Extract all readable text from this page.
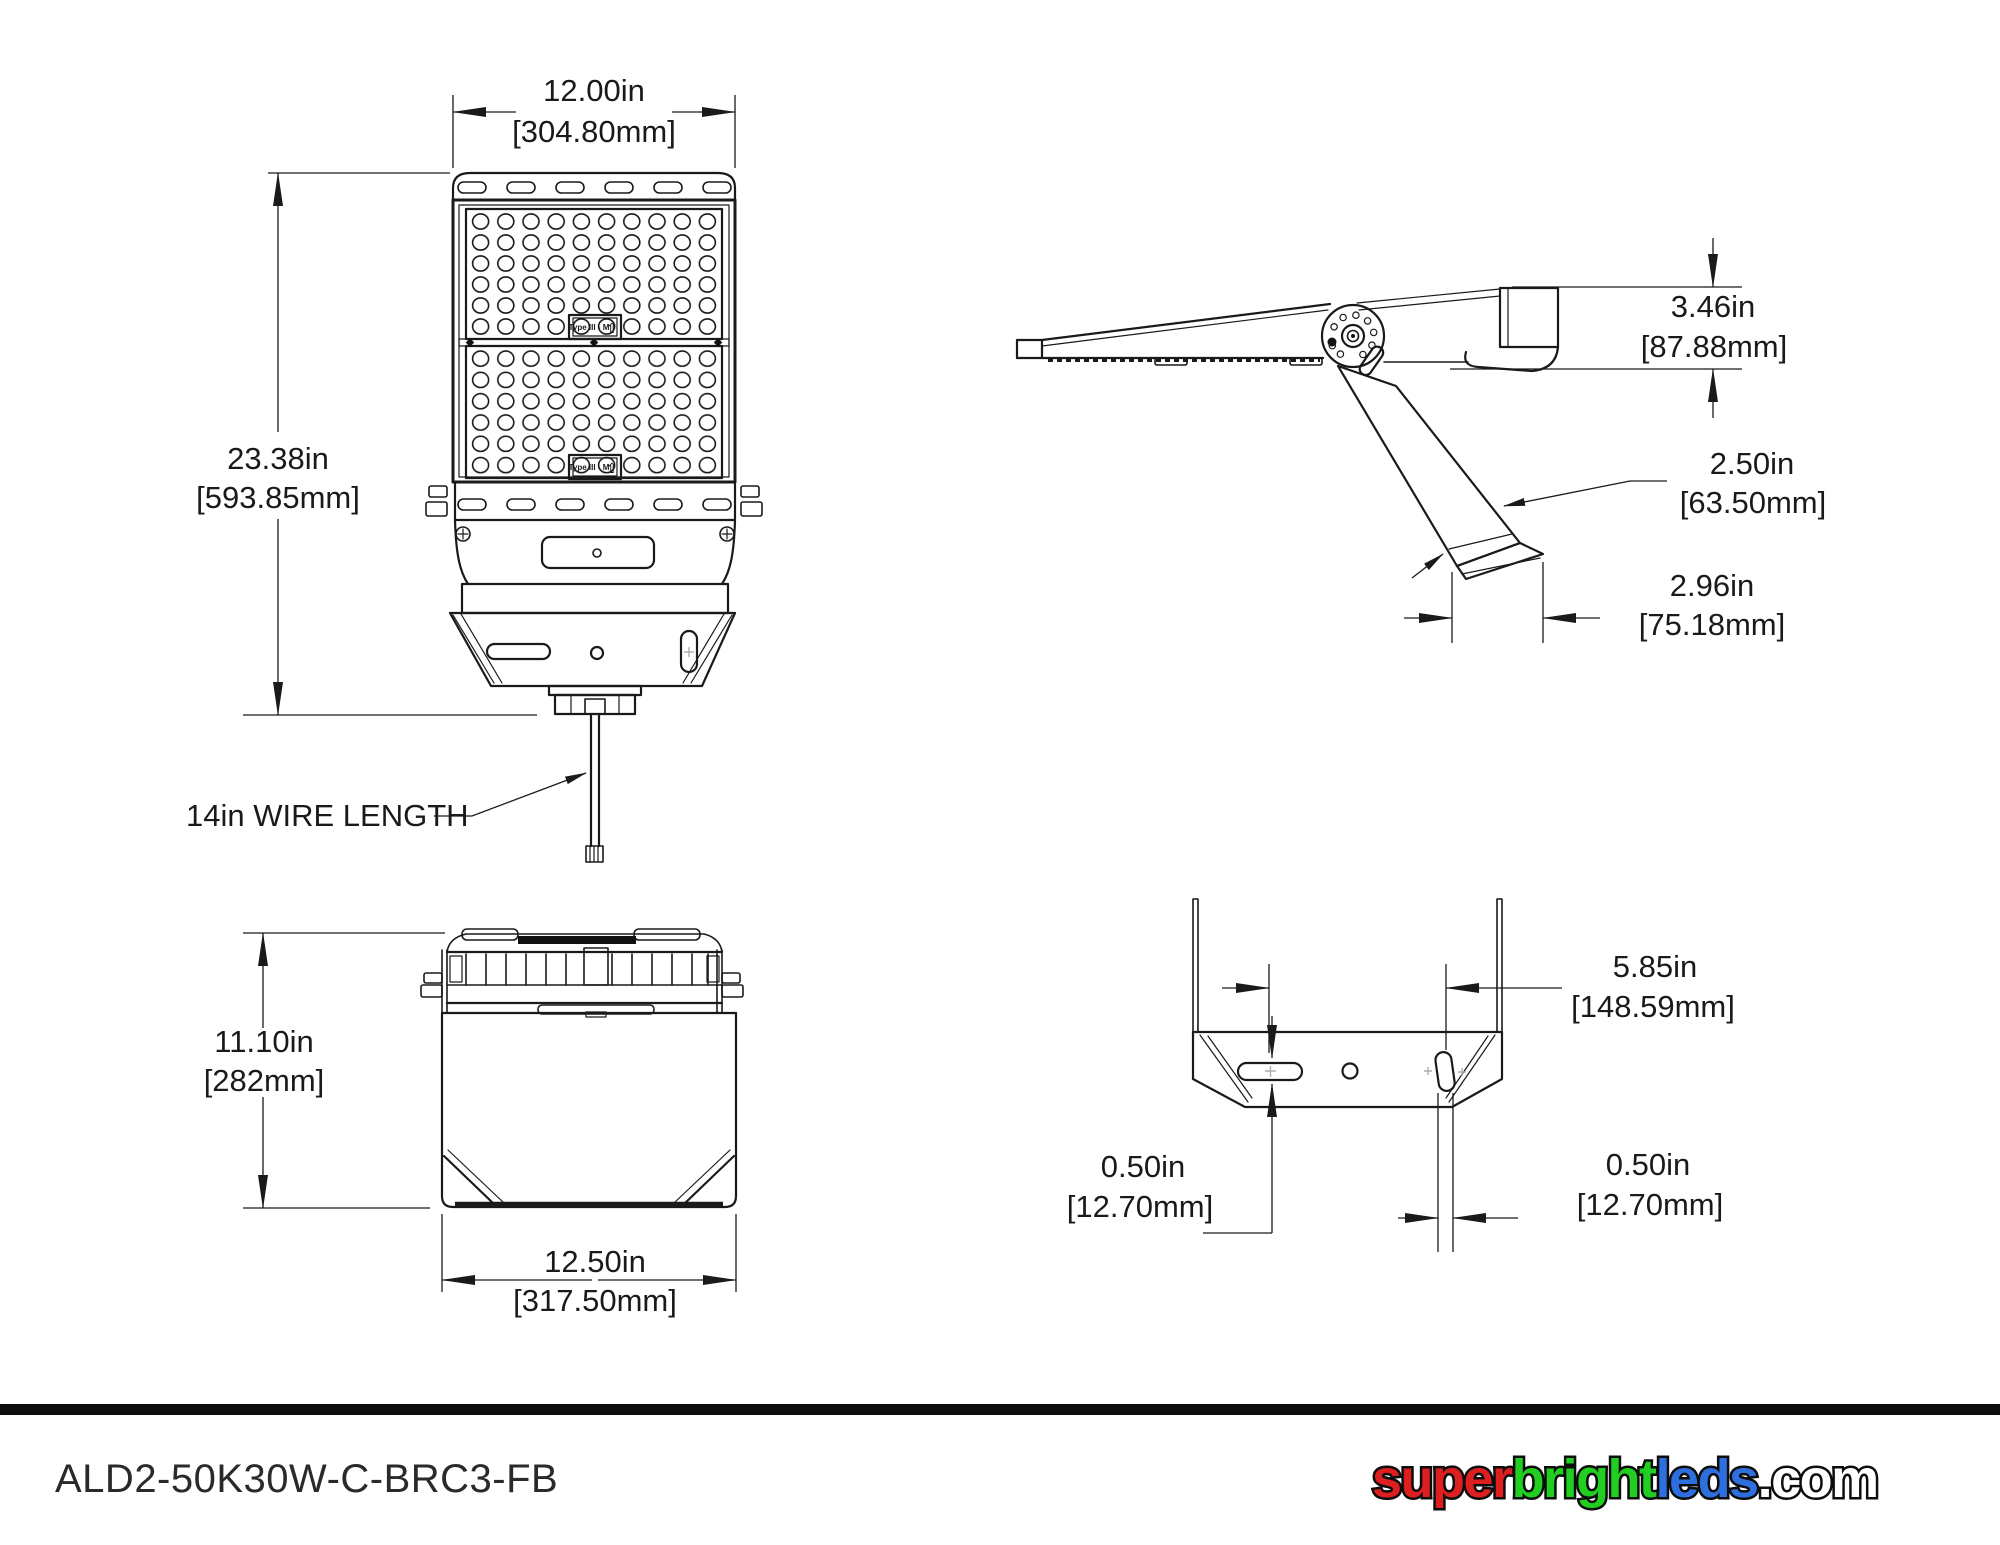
Type III - M
⇧
Type III - M
⇧
12.00in
[304.80mm]
23.38in
[593.85mm]
14in WIRE LENGTH
3.46in
[87.88mm]
2.50in
[63.50mm]
2.96in
[75.18mm]
11.10in
[282mm]
12.50in
[317.50mm]
5.85in
[148.59mm]
0.50in
[12.70mm]
0.50in
[12.70mm]
ALD2-50K30W-C-BRC3-FB	superbrightleds.com
